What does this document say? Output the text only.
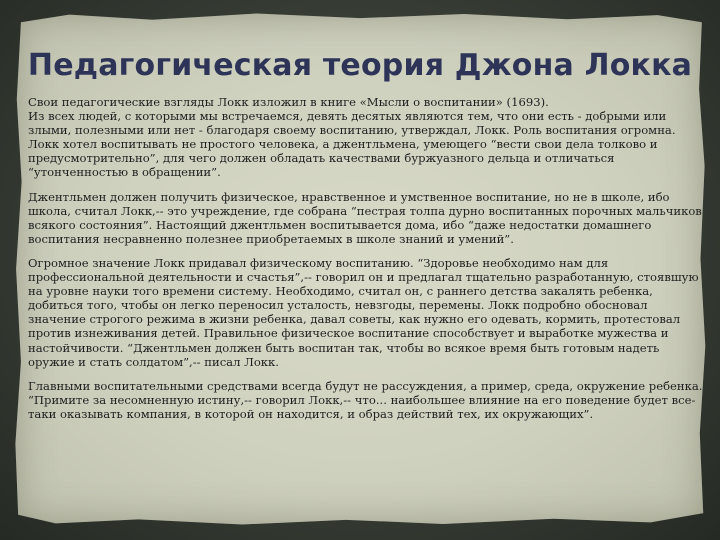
Педагогическая теория Джона Локка

Свои педагогические взгляды Локк изложил в книге «Мысли о воспитании» (1693).

Из всех людей, с которыми мы встречаемся, девять десятых являются тем, что они есть - добрыми или злыми, полезными или нет - благодаря своему воспитанию, утверждал, Локк. Роль воспитания огромна. Локк хотел воспитывать не простого человека, а джентльмена, умеющего “вести свои дела толково и предусмотрительно”, для чего должен обладать качествами буржуазного дельца и отличаться “утонченностью в обращении”.

Джентльмен должен получить физическое, нравственное и умственное воспитание, но не в школе, ибо школа, считал Локк,-- это учреждение, где собрана “пестрая толпа дурно воспитанных порочных мальчиков всякого состояния”. Настоящий джентльмен воспитывается дома, ибо “даже недостатки домашнего воспитания несравненно полезнее приобретаемых в школе знаний и умений”.

Огромное значение Локк придавал физическому воспитанию. “Здоровье необходимо нам для профессиональной деятельности и счастья”,-- говорил он и предлагал тщательно разработанную, стоявшую на уровне науки того времени систему. Необходимо, считал он, с раннего детства закалять ребенка, добиться того, чтобы он легко переносил усталость, невзгоды, перемены. Локк подробно обосновал значение строгого режима в жизни ребенка, давал советы, как нужно его одевать, кормить, протестовал против изнеживания детей. Правильное физическое воспитание способствует и выработке мужества и настойчивости. “Джентльмен должен быть воспитан так, чтобы во всякое время быть готовым надеть оружие и стать солдатом”,-- писал Локк.

Главными воспитательными средствами всегда будут не рассуждения, а пример, среда, окружение ребенка. “Примите за несомненную истину,-- говорил Локк,-- что... наибольшее влияние на его поведение будет все-таки оказывать компания, в которой он находится, и образ действий тех, их окружающих”.
